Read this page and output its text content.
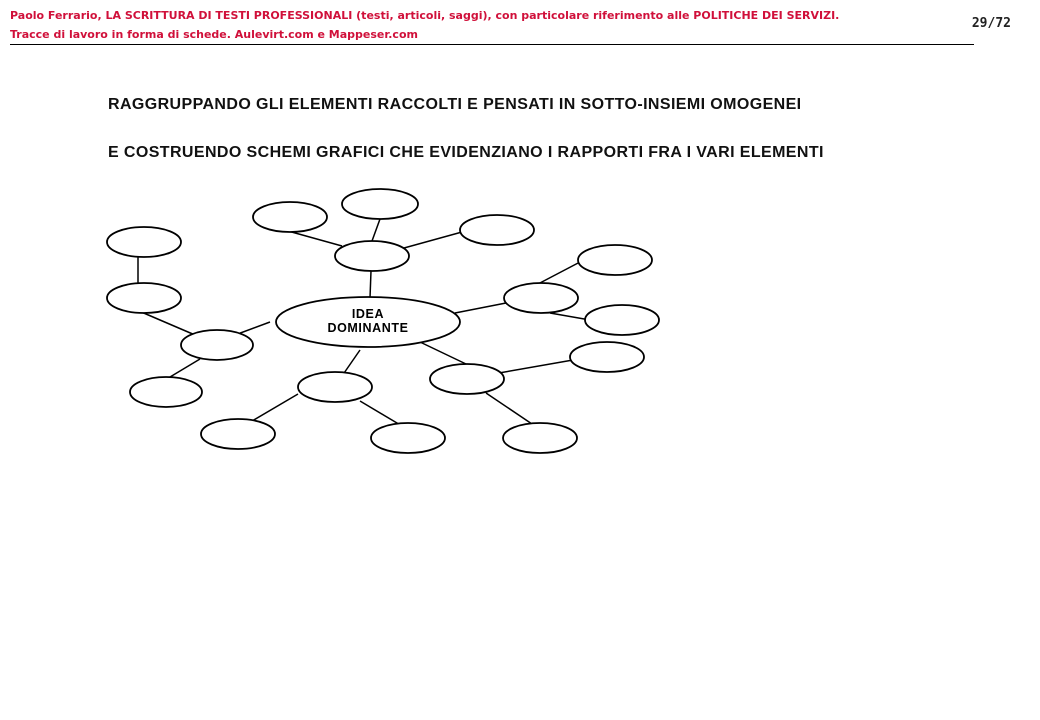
Paolo Ferrario, LA SCRITTURA DI TESTI PROFESSIONALI (testi, articoli, saggi), con particolare riferimento alle POLITICHE DEI SERVIZI.
Tracce di lavoro in forma di schede. Aulevirt.com e Mappeser.com
29/72
RAGGRUPPANDO GLI ELEMENTI RACCOLTI E PENSATI IN SOTTO-INSIEMI OMOGENEI
E COSTRUENDO SCHEMI GRAFICI CHE EVIDENZIANO I RAPPORTI FRA I VARI ELEMENTI
IDEA
DOMINANTE
